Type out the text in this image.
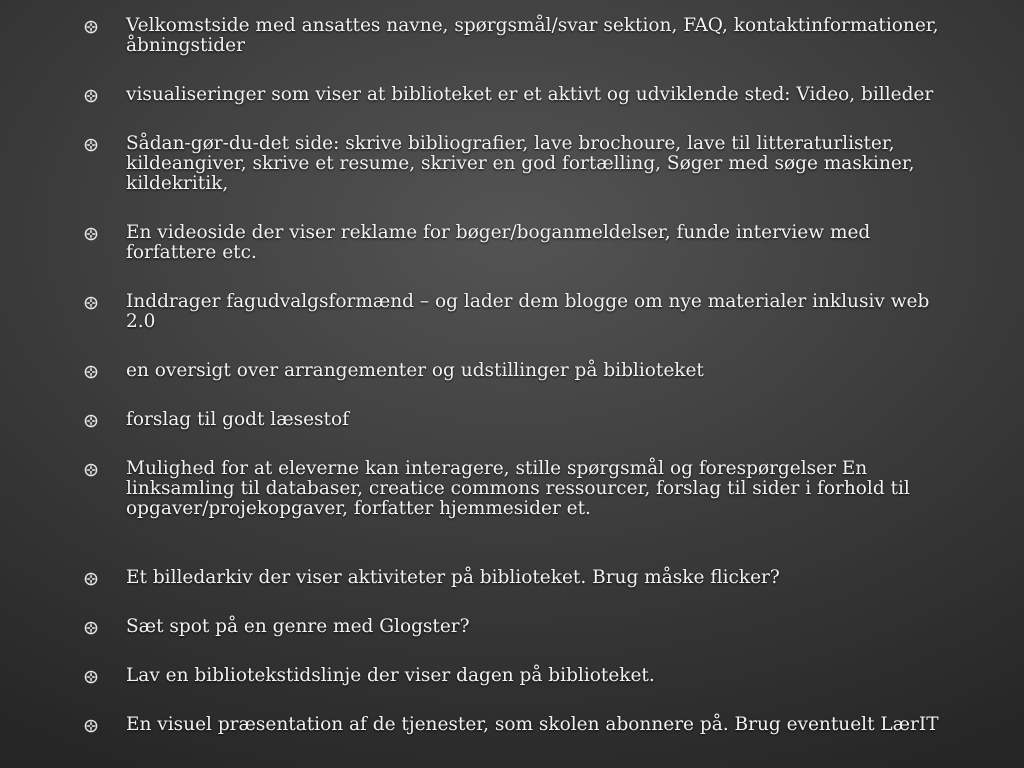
Velkomstside med ansattes navne, spørgsmål/svar sektion, FAQ, kontaktinformationer, åbningstider
visualiseringer som viser at biblioteket er et aktivt og udviklende sted: Video, billeder
Sådan-gør-du-det side: skrive bibliografier, lave brochoure, lave til litteraturlister, kildeangiver, skrive et resume, skriver en god fortælling, Søger med søge maskiner, kildekritik,
En videoside der viser reklame for bøger/boganmeldelser, funde interview med forfattere etc.
Inddrager fagudvalgsformænd – og lader dem blogge om nye materialer inklusiv web 2.0
en oversigt over arrangementer og udstillinger på biblioteket
forslag til godt læsestof
Mulighed for at eleverne kan interagere, stille spørgsmål og forespørgelser En linksamling til databaser, creatice commons ressourcer, forslag til sider i forhold til opgaver/projekopgaver, forfatter hjemmesider et.
Et billedarkiv der viser aktiviteter på biblioteket. Brug måske flicker?
Sæt spot på en genre med Glogster?
Lav en bibliotekstidslinje der viser dagen på biblioteket.
En visuel præsentation af de tjenester, som skolen abonnere på. Brug eventuelt LærIT
